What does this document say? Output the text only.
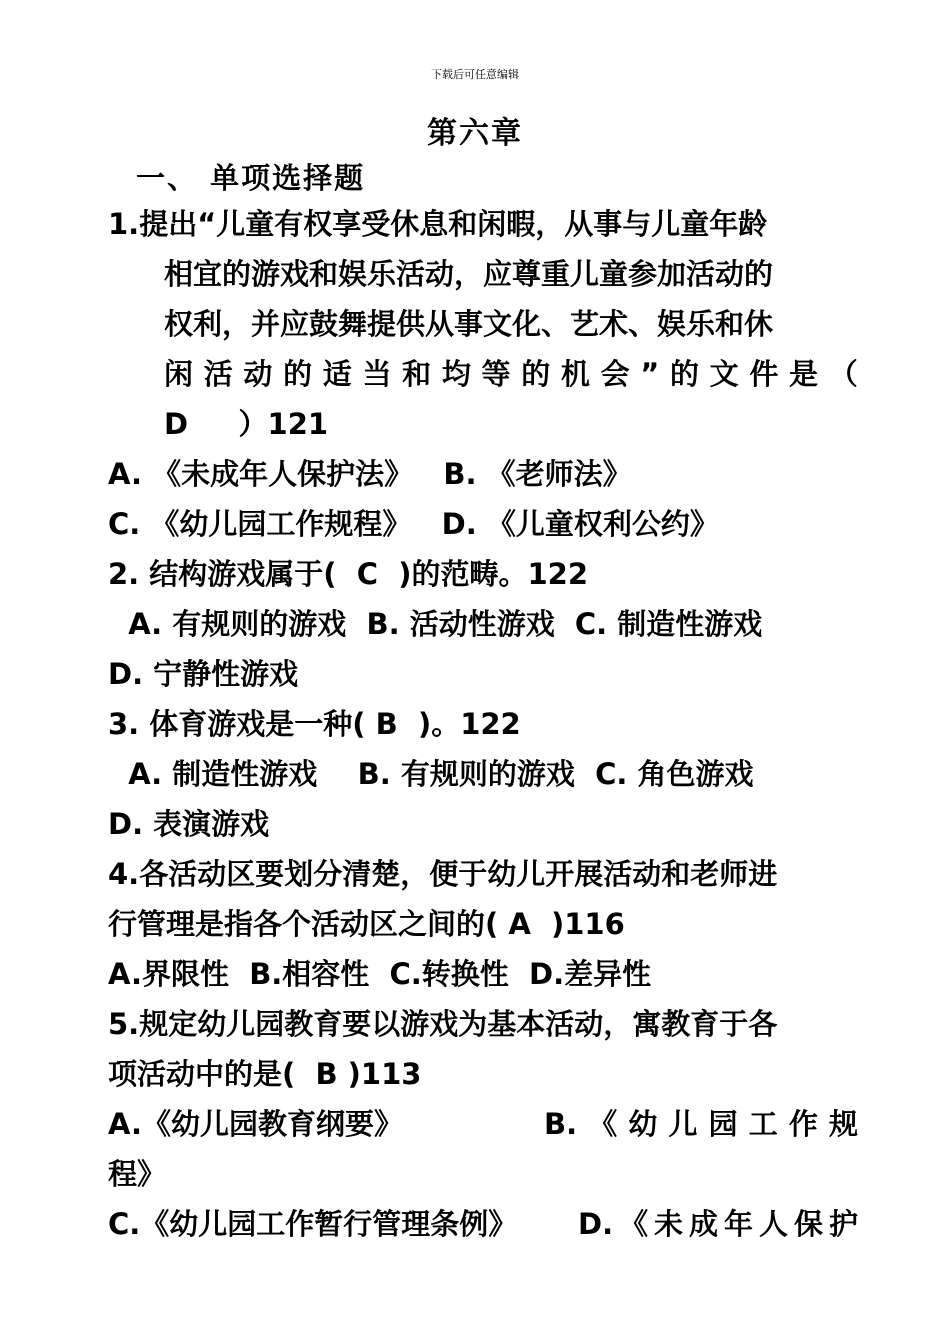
下载后可任意编辑
第六章
一、 单项选择题
1.提出“儿童有权享受休息和闲暇，从事与儿童年龄
相宜的游戏和娱乐活动，应尊重儿童参加活动的
权利，并应鼓舞提供从事文化、艺术、娱乐和休
闲 活 动 的 适 当 和 均 等 的 机 会 ” 的 文 件 是 （
D     ）121
A. 《未成年人保护法》   B. 《老师法》
C. 《幼儿园工作规程》   D. 《儿童权利公约》
2. 结构游戏属于(  C  )的范畴。122
A. 有规则的游戏  B. 活动性游戏  C. 制造性游戏
D. 宁静性游戏
3. 体育游戏是一种( B  )。122
A. 制造性游戏    B. 有规则的游戏  C. 角色游戏
D. 表演游戏
4.各活动区要划分清楚，便于幼儿开展活动和老师进
行管理是指各个活动区之间的( A  )116
A.界限性  B.相容性  C.转换性  D.差异性
5.规定幼儿园教育要以游戏为基本活动，寓教育于各
项活动中的是(  B )113
A.《幼儿园教育纲要》	B. 《 幼 儿 园 工 作 规
程》
C.《幼儿园工作暂行管理条例》	D. 《 未 成 年 人 保 护
